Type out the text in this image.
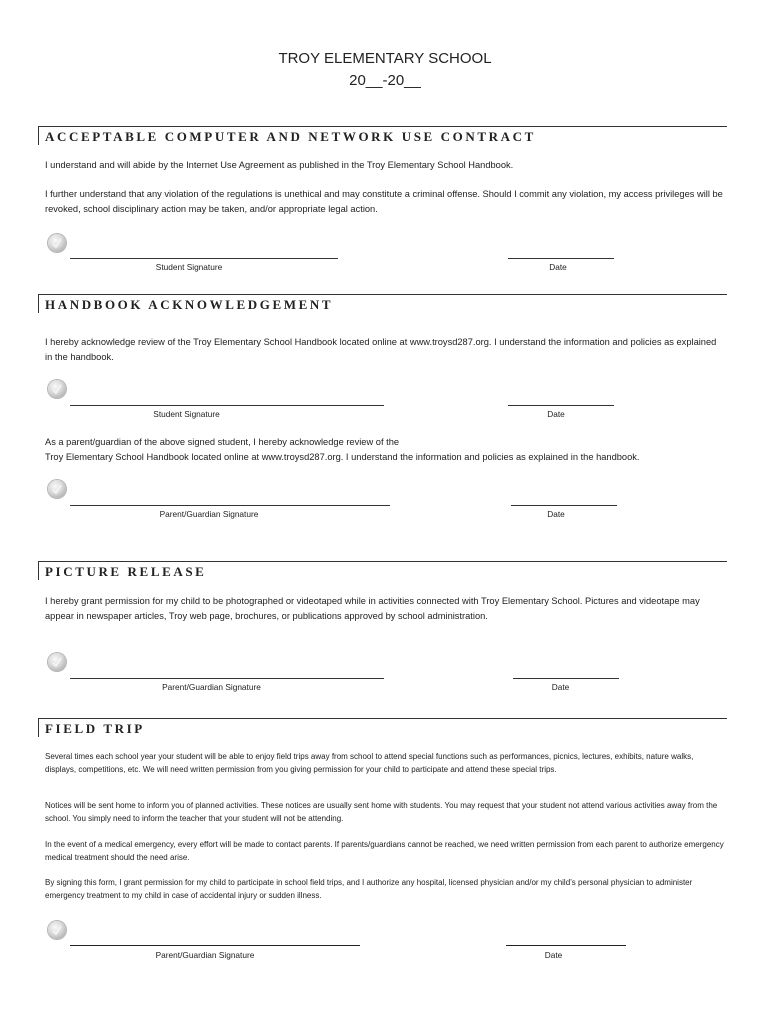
TROY ELEMENTARY SCHOOL
20__-20__
ACCEPTABLE COMPUTER AND NETWORK USE CONTRACT
I understand and will abide by the Internet Use Agreement as published in the Troy Elementary School Handbook.
I further understand that any violation of the regulations is unethical and may constitute a criminal offense. Should I commit any violation, my access privileges will be revoked, school disciplinary action may be taken, and/or appropriate legal action.
Student Signature	Date
HANDBOOK ACKNOWLEDGEMENT
I hereby acknowledge review of the Troy Elementary School Handbook located online at www.troysd287.org. I understand the information and policies as explained in the handbook.
Student Signature	Date
As a parent/guardian of the above signed student, I hereby acknowledge review of the
Troy Elementary School Handbook located online at www.troysd287.org. I understand the information and policies as explained in the handbook.
Parent/Guardian Signature	Date
PICTURE RELEASE
I hereby grant permission for my child to be photographed or videotaped while in activities connected with Troy Elementary School. Pictures and videotape may appear in newspaper articles, Troy web page, brochures, or publications approved by school administration.
Parent/Guardian Signature	Date
FIELD TRIP
Several times each school year your student will be able to enjoy field trips away from school to attend special functions such as performances, picnics, lectures, exhibits, nature walks, displays, competitions, etc. We will need written permission from you giving permission for your child to participate and attend these special trips.
Notices will be sent home to inform you of planned activities. These notices are usually sent home with students. You may request that your student not attend various activities away from the school. You simply need to inform the teacher that your student will not be attending.
In the event of a medical emergency, every effort will be made to contact parents. If parents/guardians cannot be reached, we need written permission from each parent to authorize emergency medical treatment should the need arise.
By signing this form, I grant permission for my child to participate in school field trips, and I authorize any hospital, licensed physician and/or my child’s personal physician to administer emergency treatment to my child in case of accidental injury or sudden illness.
Parent/Guardian Signature	Date
